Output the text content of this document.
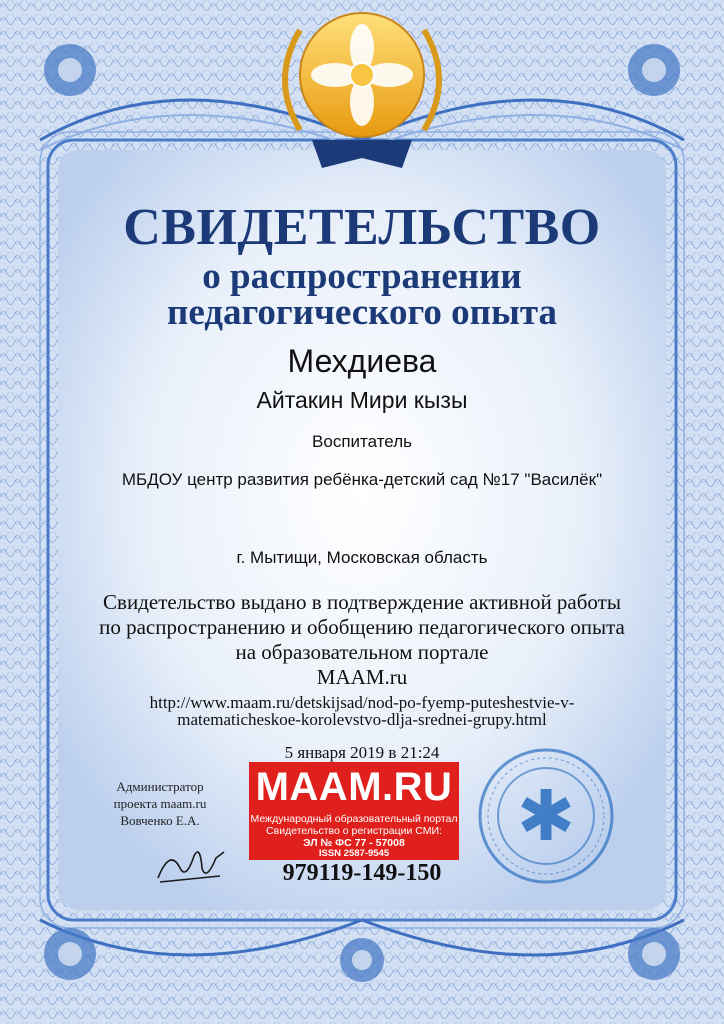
СВИДЕТЕЛЬСТВО
о распространении
педагогического опыта
Мехдиева
Айтакин Мири кызы
Воспитатель
МБДОУ центр развития ребёнка-детский сад №17 "Василёк"
г. Мытищи, Московская область
Свидетельство выдано в подтверждение активной работы
по распространению и обобщению педагогического опыта
на образовательном портале
MAAM.ru
http://www.maam.ru/detskijsad/nod-po-fyemp-puteshestvie-v-
matematicheskoe-korolevstvo-dlja-srednei-grupy.html
5 января 2019 в 21:24
Администратор
проекта maam.ru
Вовченко Е.А.
MAAM.RU
Международный образовательный портал
Свидетельство о регистрации СМИ:
ЭЛ № ФС 77 - 57008
ISSN 2587-9545	✱
979119-149-150
